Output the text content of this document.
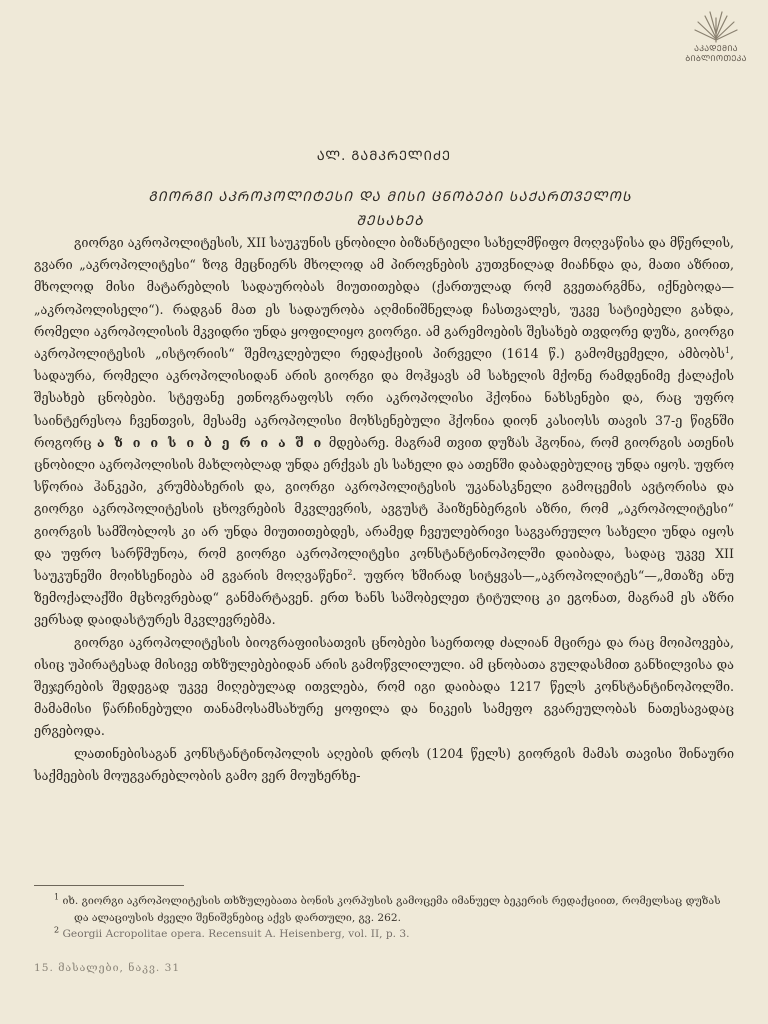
ᲐᲙᲐᲓᲔᲛᲘᲐ
ᲑᲘᲑᲚᲘᲝᲗᲔᲙᲐ
ᲐᲚ. ᲒᲐᲛᲙᲠᲔᲚᲘᲫᲔ
ᲒᲘᲝᲠᲒᲘ ᲐᲙᲠᲝᲞᲝᲚᲘᲢᲔᲡᲘ ᲓᲐ ᲛᲘᲡᲘ ᲪᲜᲝᲑᲔᲑᲘ ᲡᲐᲥᲐᲠᲗᲕᲔᲚᲝᲡ ᲨᲔᲡᲐᲮᲔᲑ

გიორგი აკროპოლიტესის, XII საუკუნის ცნობილი ბიზანტიელი სახელმწიფო მოღვაწისა და მწერლის, გვარი „აკროპოლიტესი“ ზოგ მეცნიერს მხოლოდ ამ პიროვნების კუთვნილად მიაჩნდა და, მათი აზრით, მხოლოდ მისი მატარებლის სადაურობას მიუთითებდა (ქართულად რომ გვეთარგმნა, იქნებოდა—„აკროპოლისელი“). რადგან მათ ეს სადაურობა აღმინიშნელად ჩასთვალეს, უკვე სატიებელი გახდა, რომელი აკროპოლისის მკვიდრი უნდა ყოფილიყო გიორგი. ამ გარემოების შესახებ თვდორე დუზა, გიორგი აკროპოლიტესის „ისტორიის“ შემოკლებული რედაქციის პირველი (1614 წ.) გამომცემელი, ამბობს$^1$, სადაურა, რომელი აკროპოლისიდან არის გიორგი და მოჰყავს ამ სახელის მქონე რამდენიმე ქალაქის შესახებ ცნობები. სტეფანე ეთნოგრაფოსს ორი აკროპოლისი ჰქონია ნახსენები და, რაც უფრო საინტერესოა ჩვენთვის, მესამე აკროპოლისი მოხსენებული ჰქონია დიონ კასიოსს თავის 37-ე წიგნში როგორც ა ზ ი ი ს ი ბ ე რ ი ა შ ი მდებარე. მაგრამ თვით დუზას ჰგონია, რომ გიორგის ათენის ცნობილი აკროპოლისის მახლობლად უნდა ერქვას ეს სახელი და ათენში დაბადებულიც უნდა იყოს. უფრო სწორია ჰანკეპი, კრუმბახერის და, გიორგი აკროპოლიტესის უკანასკნელი გამოცემის ავტორისა და გიორგი აკროპოლიტესის ცხოვრების მკვლევრის, ავგუსტ ჰაიზენბერგის აზრი, რომ „აკროპოლიტესი“ გიორგის სამშობლოს კი არ უნდა მიუთითებდეს, არამედ ჩვეულებრივი საგვარეულო სახელი უნდა იყოს და უფრო სარწმუნოა, რომ გიორგი აკროპოლიტესი კონსტანტინოპოლში დაიბადა, სადაც უკვე XII საუკუნეში მოიხსენიება ამ გვარის მოღვაწენი$^2$. უფრო ხშირად სიტყვას—„აკროპოლიტეს“—„მთაზე ანუ ზემოქალაქში მცხოვრებად“ განმარტავენ. ერთ ხანს საშობელეთ ტიტულიც კი ეგონათ, მაგრამ ეს აზრი ვერსად დაიდასტურეს მკვლევრებმა.

გიორგი აკროპოლიტესის ბიოგრაფიისათვის ცნობები საერთოდ ძალიან მცირეა და რაც მოიპოვება, ისიც უპირატესად მისივე თხზულებებიდან არის გამოწვლილული. ამ ცნობათა გულდასმით განხილვისა და შეჯერების შედეგად უკვე მიღებულად ითვლება, რომ იგი დაიბადა 1217 წელს კონსტანტინოპოლში. მამამისი წარჩინებული თანამოსამსახურე ყოფილა და ნიკეის სამეფო გვარეულობას ნათესავადაც ერგებოდა.

ლათინებისაგან კონსტანტინოპოლის აღების დროს (1204 წელს) გიორგის მამას თავისი შინაური საქმეების მოუგვარებლობის გამო ვერ მოუხერხე-

$^1$ იხ. გიორგი აკროპოლიტესის თხზულებათა ბონის კორპუსის გამოცემა იმანუელ ბეკერის რედაქციით, რომელსაც დუზას და ალაციუსის ძველი შენიშვნებიც აქვს დართული, გვ. 262.

$^2$ Georgii Acropolitae opera. Recensuit A. Heisenberg, vol. II, p. 3.

15. მასალები, ნაკვ. 31
